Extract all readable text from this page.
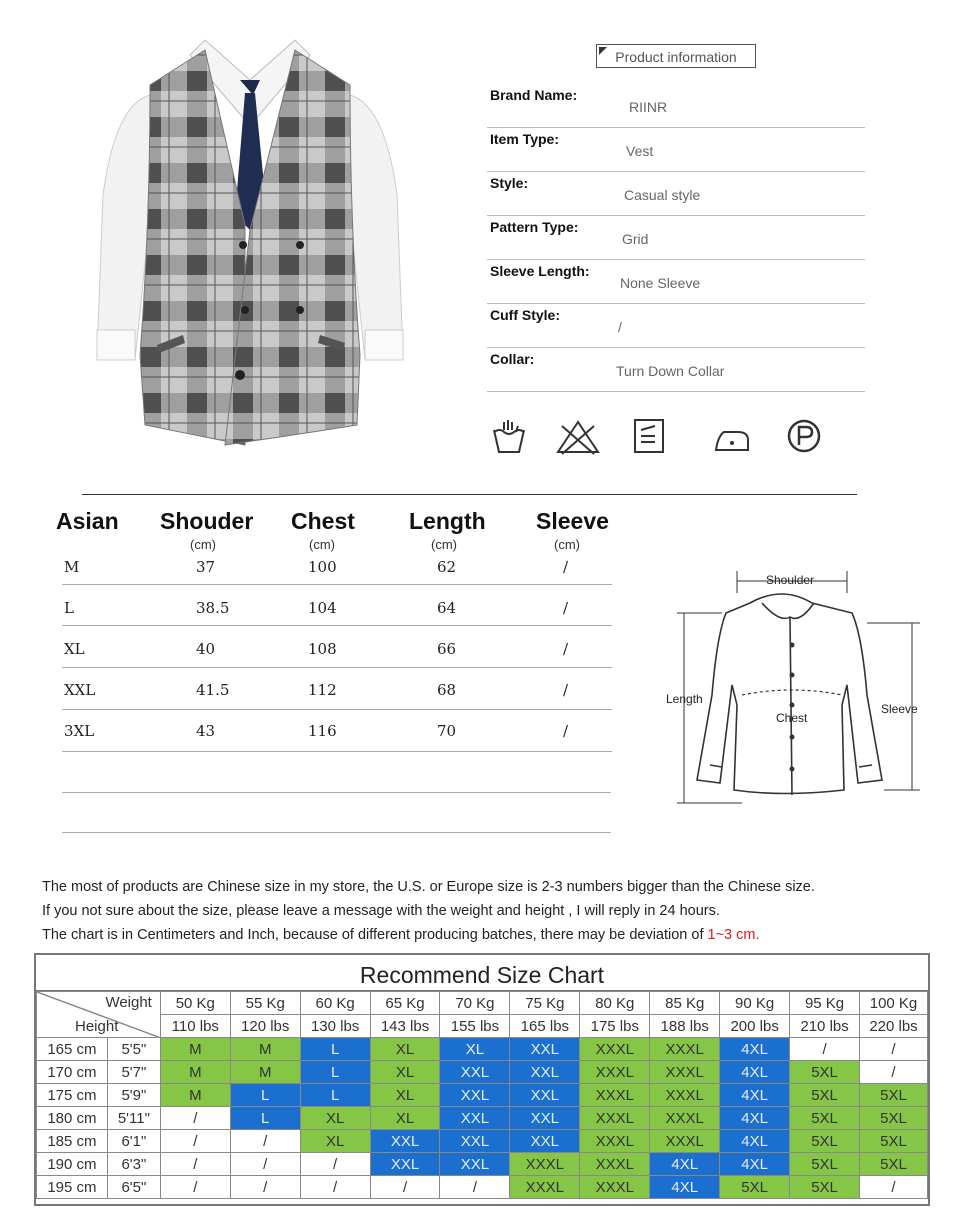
Product information
Brand Name:
RIINR
Item Type:
Vest
Style:
Casual style
Pattern Type:
Grid
Sleeve Length:
None Sleeve
Cuff Style:
/
Collar:
Turn Down Collar
Asian Shouder Chest Length Sleeve
(cm)	(cm)	(cm)	(cm)
M	37	100	62	/
L	38.5	104	64	/
XL	40	108	66	/
XXL	41.5	112	68	/
3XL	43	116	70	/
Shoulder
Length
Chest
Sleeve
The most of products are Chinese size in my store, the U.S. or Europe size is 2-3 numbers bigger than the Chinese size.
If you not sure about the size, please leave a message with the weight and height , I will reply in 24 hours.
The chart is in Centimeters and Inch, because of different producing batches, there may be deviation of 1~3 cm.
Recommend Size Chart
Weight
Height		50 Kg	55 Kg	60 Kg	65 Kg	70 Kg	75 Kg	80 Kg	85 Kg	90 Kg	95 Kg	100 Kg
		110 lbs	120 lbs	130 lbs	143 lbs	155 lbs	165 lbs	175 lbs	188 lbs	200 lbs	210 lbs	220 lbs
165 cm	5'5"	M	M	L	XL	XL	XXL	XXXL	XXXL	4XL	/	/
170 cm	5'7"	M	M	L	XL	XXL	XXL	XXXL	XXXL	4XL	5XL	/
175 cm	5'9"	M	L	L	XL	XXL	XXL	XXXL	XXXL	4XL	5XL	5XL
180 cm	5'11"	/	L	XL	XL	XXL	XXL	XXXL	XXXL	4XL	5XL	5XL
185 cm	6'1"	/	/	XL	XXL	XXL	XXL	XXXL	XXXL	4XL	5XL	5XL
190 cm	6'3"	/	/	/	XXL	XXL	XXXL	XXXL	4XL	4XL	5XL	5XL
195 cm	6'5"	/	/	/	/	/	XXXL	XXXL	4XL	5XL	5XL	/
